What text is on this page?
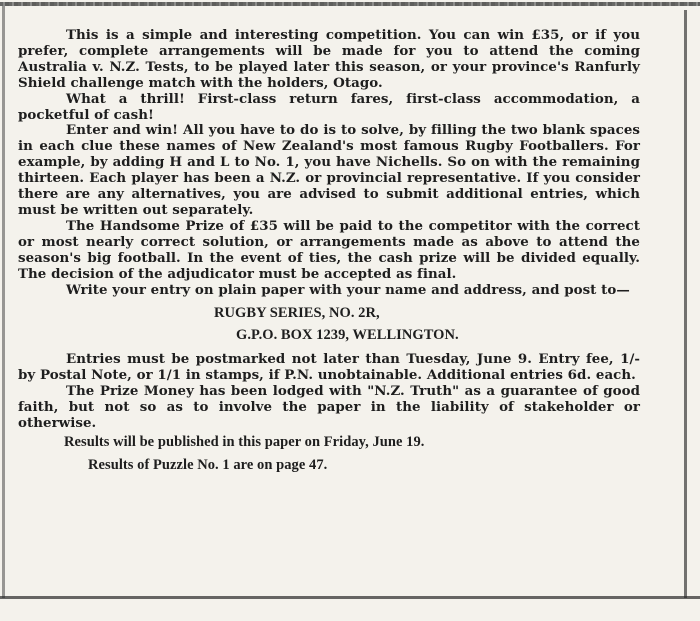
This is a simple and interesting competition. You can win £35, or if you prefer, complete arrangements will be made for you to attend the coming Australia v. N.Z. Tests, to be played later this season, or your province's Ranfurly Shield challenge match with the holders, Otago.

What a thrill! First-class return fares, first-class accommodation, a pocketful of cash!

Enter and win! All you have to do is to solve, by filling the two blank spaces in each clue these names of New Zealand's most famous Rugby Footballers. For example, by adding H and L to No. 1, you have Nichells. So on with the remaining thirteen. Each player has been a N.Z. or provincial representative. If you consider there are any alternatives, you are advised to submit additional entries, which must be written out separately.

The Handsome Prize of £35 will be paid to the competitor with the correct or most nearly correct solution, or arrangements made as above to attend the season's big football. In the event of ties, the cash prize will be divided equally. The decision of the adjudicator must be accepted as final.

Write your entry on plain paper with your name and address, and post to—

RUGBY SERIES, NO. 2R,
G.P.O. BOX 1239, WELLINGTON.

Entries must be postmarked not later than Tuesday, June 9. Entry fee, 1/- by Postal Note, or 1/1 in stamps, if P.N. unobtainable. Additional entries 6d. each.

The Prize Money has been lodged with "N.Z. Truth" as a guarantee of good faith, but not so as to involve the paper in the liability of stakeholder or otherwise.

Results will be published in this paper on Friday, June 19.
Results of Puzzle No. 1 are on page 47.
